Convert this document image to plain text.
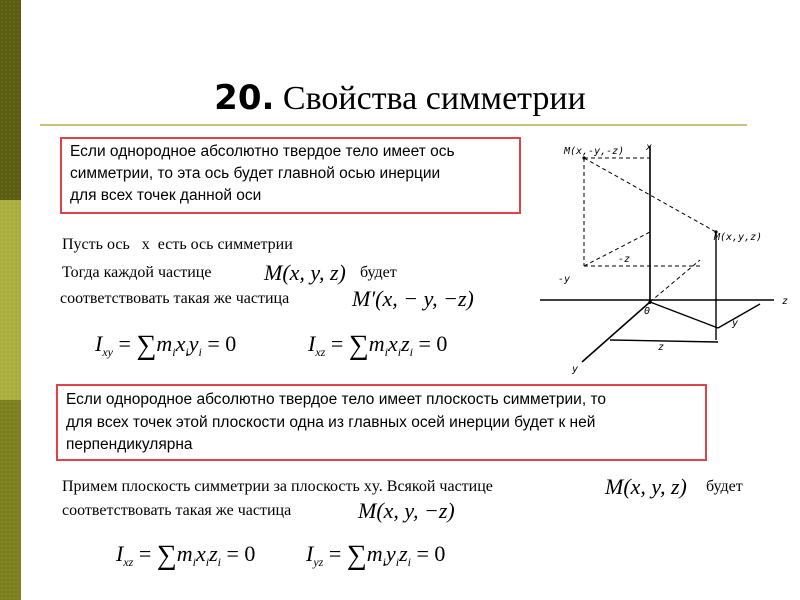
20. Свойства симметрии
Если однородное абсолютно твердое тело имеет ось
симметрии, то эта ось будет главной осью инерции
для всех точек данной оси
Пусть ось x есть ось симметрии
Тогда каждой частице M(x, y, z) будет
соответствовать такая же частица	M′(x, − y, −z)
$I_{xy} = \sum m_ix_iy_i = 0$	$I_{xz} = \sum m_ix_iz_i = 0$
Если однородное абсолютно твердое тело имеет плоскость симметрии, то
для всех точек этой плоскости одна из главных осей инерции будет к ней
перпендикулярна
Примем плоскость симметрии за плоскость xy. Всякой частице	M(x, y, z) будет
соответствовать такая же частица	M(x, y, −z)
$I_{xz} = \sum m_ix_iz_i = 0$ $I_{yz} = \sum m_iy_iz_i = 0$
M(x,-y,-z)
M(x,y,z)
x
z
y
-y
-z
0
y
z
